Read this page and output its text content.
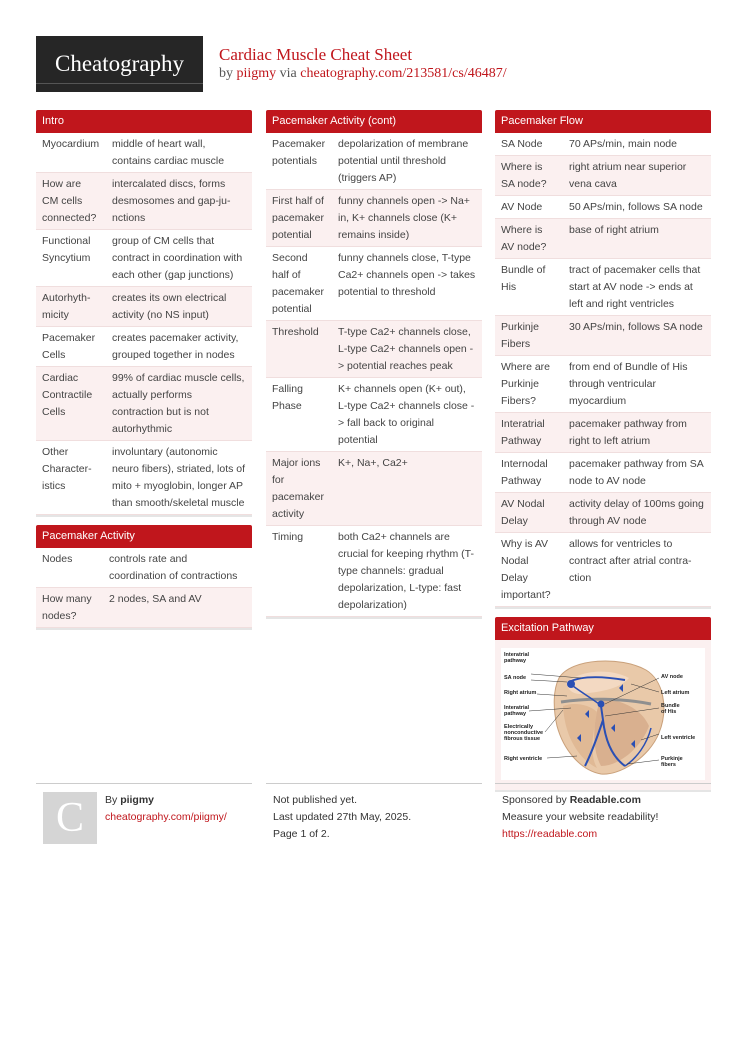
Cheatography Cardiac Muscle Cheat Sheet
by piigmy via cheatography.com/213581/cs/46487/
Intro
Myocardium	middle of heart wall, contains cardiac muscle
How are CM cells connected?	intercalated discs, forms desmosomes and gap-ju-nctions
Functional Syncytium	group of CM cells that contract in coordination with each other (gap junctions)
Autorhyth-micity	creates its own electrical activity (no NS input)
Pacemaker Cells	creates pacemaker activity, grouped together in nodes
Cardiac Contractile Cells	99% of cardiac muscle cells, actually performs contraction but is not autorhythmic
Other Character-istics	involuntary (autonomic neuro fibers), striated, lots of mito + myoglobin, longer AP than smooth/skeletal muscle
Pacemaker Activity
Nodes	controls rate and coordination of contractions
How many nodes?	2 nodes, SA and AV
Pacemaker Activity (cont)
Pacemaker potentials	depolarization of membrane potential until threshold (triggers AP)
First half of pacemaker potential	funny channels open -> Na+ in, K+ channels close (K+ remains inside)
Second half of pacemaker potential	funny channels close, T-type Ca2+ channels open -> takes potential to threshold
Threshold	T-type Ca2+ channels close, L-type Ca2+ channels open -> potential reaches peak
Falling Phase	K+ channels open (K+ out), L-type Ca2+ channels close -> fall back to original potential
Major ions for pacemaker activity	K+, Na+, Ca2+
Timing	both Ca2+ channels are crucial for keeping rhythm (T-type channels: gradual depolarization, L-type: fast depolarization)
Pacemaker Flow
SA Node	70 APs/min, main node
Where is SA node?	right atrium near superior vena cava
AV Node	50 APs/min, follows SA node
Where is AV node?	base of right atrium
Bundle of His	tract of pacemaker cells that start at AV node -> ends at left and right ventricles
Purkinje Fibers	30 APs/min, follows SA node
Where are Purkinje Fibers?	from end of Bundle of His through ventricular myocardium
Interatrial Pathway	pacemaker pathway from right to left atrium
Internodal Pathway	pacemaker pathway from SA node to AV node
AV Nodal Delay	activity delay of 100ms going through AV node
Why is AV Nodal Delay important?	allows for ventricles to contract after atrial contra-ction
Excitation Pathway
Interatrial pathway
SA node
Right atrium
Interatrial pathway
Electrically nonconductive fibrous tissue
Right ventricle
AV node
Left atrium
Bundle of His
Left ventricle
Purkinje fibers
C	By piigmy
cheatography.com/piigmy/
Not published yet.
Last updated 27th May, 2025.
Page 1 of 2.
Sponsored by Readable.com
Measure your website readability!
https://readable.com
